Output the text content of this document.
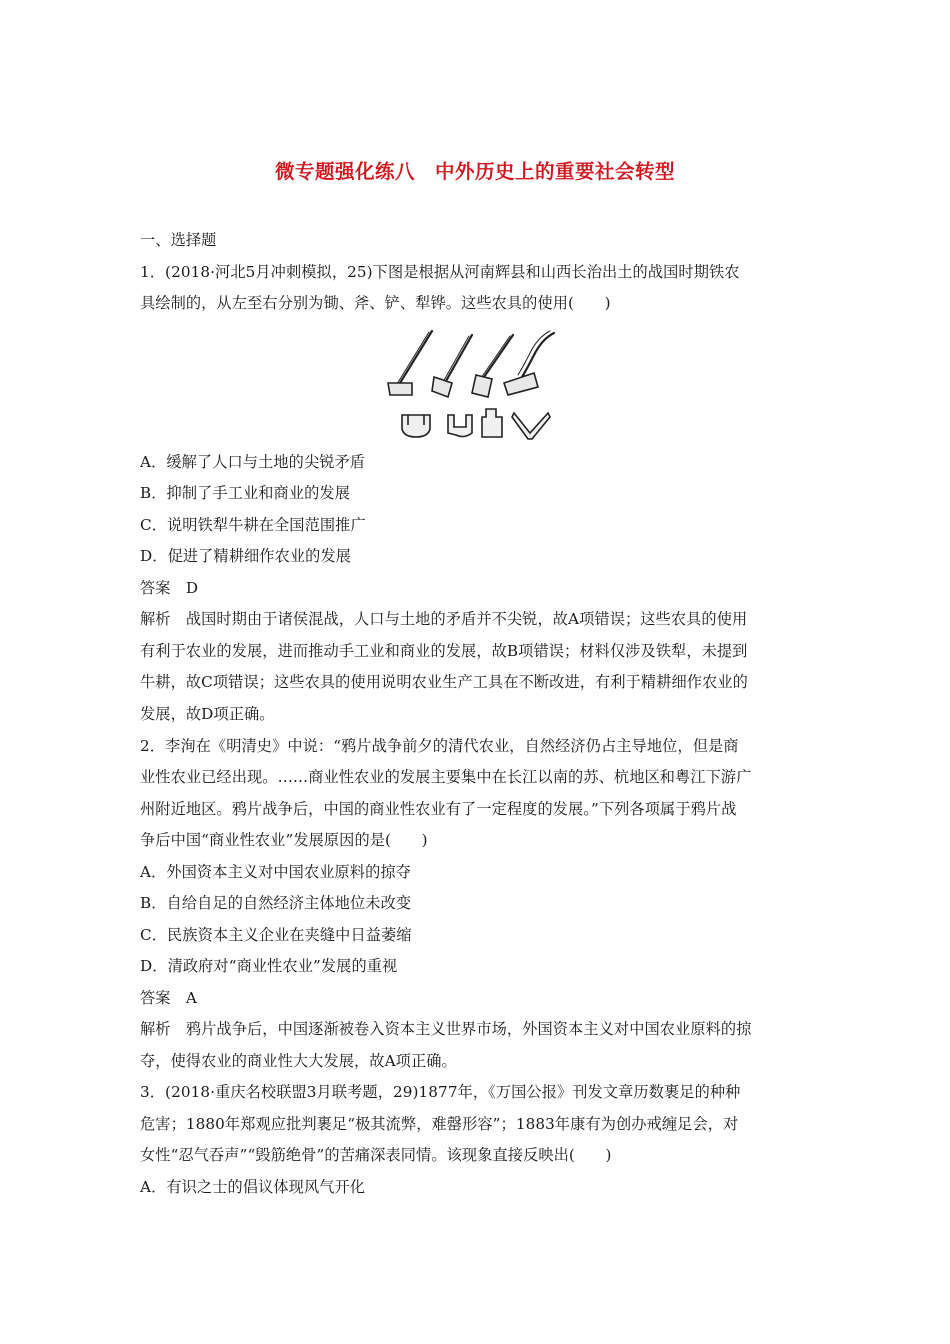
微专题强化练八　中外历史上的重要社会转型
一、选择题
1．(2018·河北5月冲刺模拟，25)下图是根据从河南辉县和山西长治出土的战国时期铁农
具绘制的，从左至右分别为锄、斧、铲、犁铧。这些农具的使用(　　)
A．缓解了人口与土地的尖锐矛盾
B．抑制了手工业和商业的发展
C．说明铁犁牛耕在全国范围推广
D．促进了精耕细作农业的发展
答案　D
解析　战国时期由于诸侯混战，人口与土地的矛盾并不尖锐，故A项错误；这些农具的使用
有利于农业的发展，进而推动手工业和商业的发展，故B项错误；材料仅涉及铁犁，未提到
牛耕，故C项错误；这些农具的使用说明农业生产工具在不断改进，有利于精耕细作农业的
发展，故D项正确。
2．李洵在《明清史》中说：“鸦片战争前夕的清代农业，自然经济仍占主导地位，但是商
业性农业已经出现。……商业性农业的发展主要集中在长江以南的苏、杭地区和粤江下游广
州附近地区。鸦片战争后，中国的商业性农业有了一定程度的发展。”下列各项属于鸦片战
争后中国“商业性农业”发展原因的是(　　)
A．外国资本主义对中国农业原料的掠夺
B．自给自足的自然经济主体地位未改变
C．民族资本主义企业在夹缝中日益萎缩
D．清政府对“商业性农业”发展的重视
答案　A
解析　鸦片战争后，中国逐渐被卷入资本主义世界市场，外国资本主义对中国农业原料的掠
夺，使得农业的商业性大大发展，故A项正确。
3．(2018·重庆名校联盟3月联考题，29)1877年，《万国公报》刊发文章历数裹足的种种
危害；1880年郑观应批判裹足“极其流弊，难罄形容”；1883年康有为创办戒缠足会，对
女性“忍气吞声”“毁筋绝骨”的苦痛深表同情。该现象直接反映出(　　)
A．有识之士的倡议体现风气开化
